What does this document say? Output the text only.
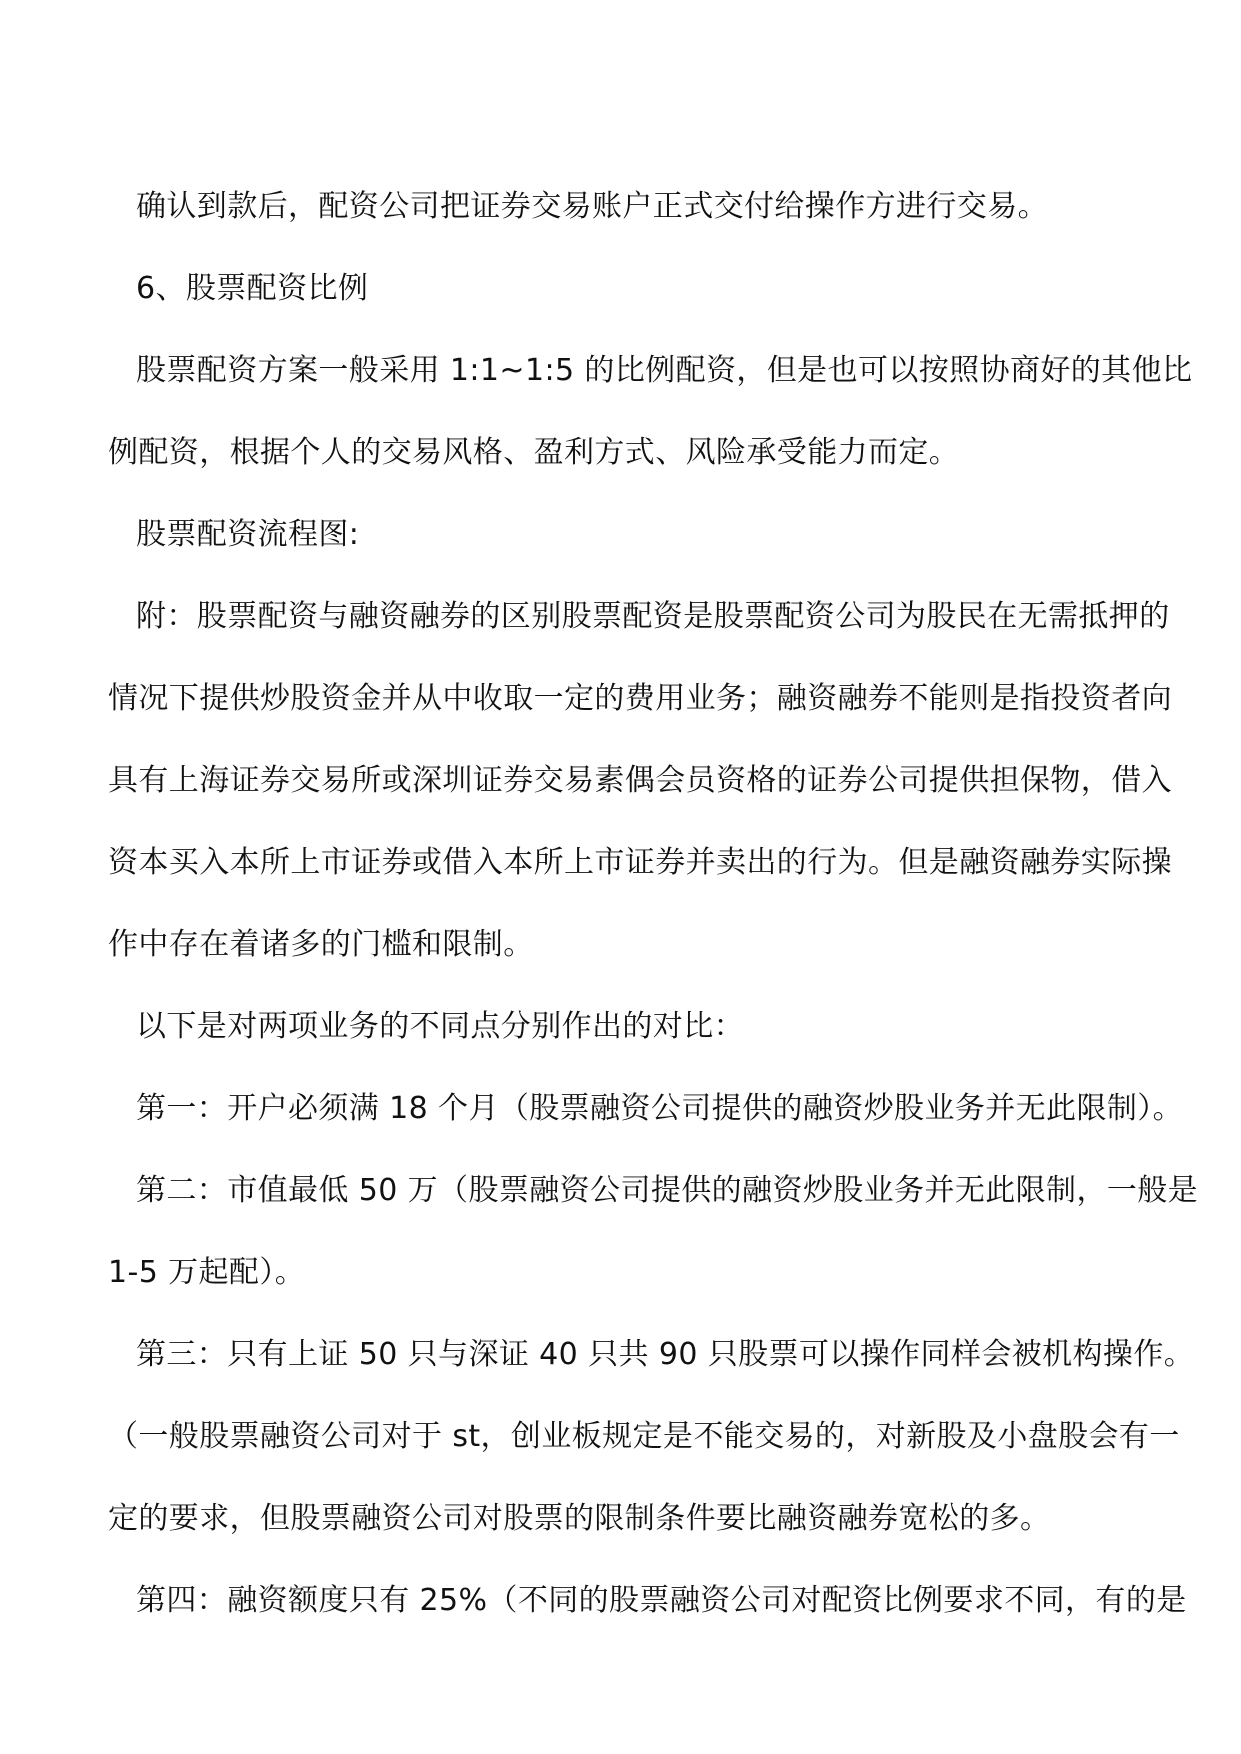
确认到款后，配资公司把证券交易账户正式交付给操作方进行交易。

6、股票配资比例

股票配资方案一般采用 1:1~1:5 的比例配资，但是也可以按照协商好的其他比

例配资，根据个人的交易风格、盈利方式、风险承受能力而定。

股票配资流程图:

附：股票配资与融资融券的区别股票配资是股票配资公司为股民在无需抵押的

情况下提供炒股资金并从中收取一定的费用业务；融资融券不能则是指投资者向

具有上海证券交易所或深圳证券交易素偶会员资格的证券公司提供担保物，借入

资本买入本所上市证券或借入本所上市证券并卖出的行为。但是融资融券实际操

作中存在着诸多的门槛和限制。

以下是对两项业务的不同点分别作出的对比：

第一：开户必须满 18 个月（股票融资公司提供的融资炒股业务并无此限制）。

第二：市值最低 50 万（股票融资公司提供的融资炒股业务并无此限制，一般是

1-5 万起配）。

第三：只有上证 50 只与深证 40 只共 90 只股票可以操作同样会被机构操作。

（一般股票融资公司对于 st，创业板规定是不能交易的，对新股及小盘股会有一

定的要求，但股票融资公司对股票的限制条件要比融资融券宽松的多。

第四：融资额度只有 25%（不同的股票融资公司对配资比例要求不同，有的是
